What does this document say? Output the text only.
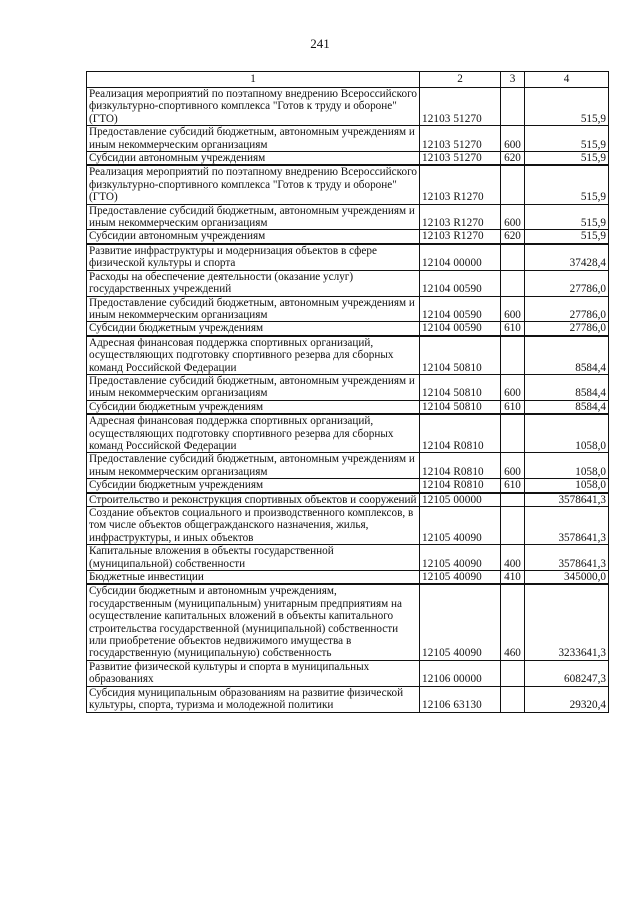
241
1	2	3	4
Реализация мероприятий по поэтапному внедрению Всероссийского физкультурно-спортивного комплекса "Готов к труду и обороне" (ГТО)	12103 51270		515,9
Предоставление субсидий бюджетным, автономным учреждениям и иным некоммерческим организациям	12103 51270	600	515,9
Субсидии автономным учреждениям	12103 51270	620	515,9
Реализация мероприятий по поэтапному внедрению Всероссийского физкультурно-спортивного комплекса "Готов к труду и обороне" (ГТО)	12103 R1270		515,9
Предоставление субсидий бюджетным, автономным учреждениям и иным некоммерческим организациям	12103 R1270	600	515,9
Субсидии автономным учреждениям	12103 R1270	620	515,9
Развитие инфраструктуры и модернизация объектов в сфере физической культуры и спорта	12104 00000		37428,4
Расходы на обеспечение деятельности (оказание услуг) государственных учреждений	12104 00590		27786,0
Предоставление субсидий бюджетным, автономным учреждениям и иным некоммерческим организациям	12104 00590	600	27786,0
Субсидии бюджетным учреждениям	12104 00590	610	27786,0
Адресная финансовая поддержка спортивных организаций, осуществляющих подготовку спортивного резерва для сборных команд Российской Федерации	12104 50810		8584,4
Предоставление субсидий бюджетным, автономным учреждениям и иным некоммерческим организациям	12104 50810	600	8584,4
Субсидии бюджетным учреждениям	12104 50810	610	8584,4
Адресная финансовая поддержка спортивных организаций, осуществляющих подготовку спортивного резерва для сборных команд Российской Федерации	12104 R0810		1058,0
Предоставление субсидий бюджетным, автономным учреждениям и иным некоммерческим организациям	12104 R0810	600	1058,0
Субсидии бюджетным учреждениям	12104 R0810	610	1058,0
Строительство и реконструкция спортивных объектов и сооружений	12105 00000		3578641,3
Создание объектов социального и производственного комплексов, в том числе объектов общегражданского назначения, жилья, инфраструктуры, и иных объектов	12105 40090		3578641,3
Капитальные вложения в объекты государственной (муниципальной) собственности	12105 40090	400	3578641,3
Бюджетные инвестиции	12105 40090	410	345000,0
Субсидии бюджетным и автономным учреждениям, государственным (муниципальным) унитарным предприятиям на осуществление капитальных вложений в объекты капитального строительства государственной (муниципальной) собственности или приобретение объектов недвижимого имущества в государственную (муниципальную) собственность	12105 40090	460	3233641,3
Развитие физической культуры и спорта в муниципальных образованиях	12106 00000		608247,3
Субсидия муниципальным образованиям на развитие физической культуры, спорта, туризма и молодежной политики	12106 63130		29320,4
